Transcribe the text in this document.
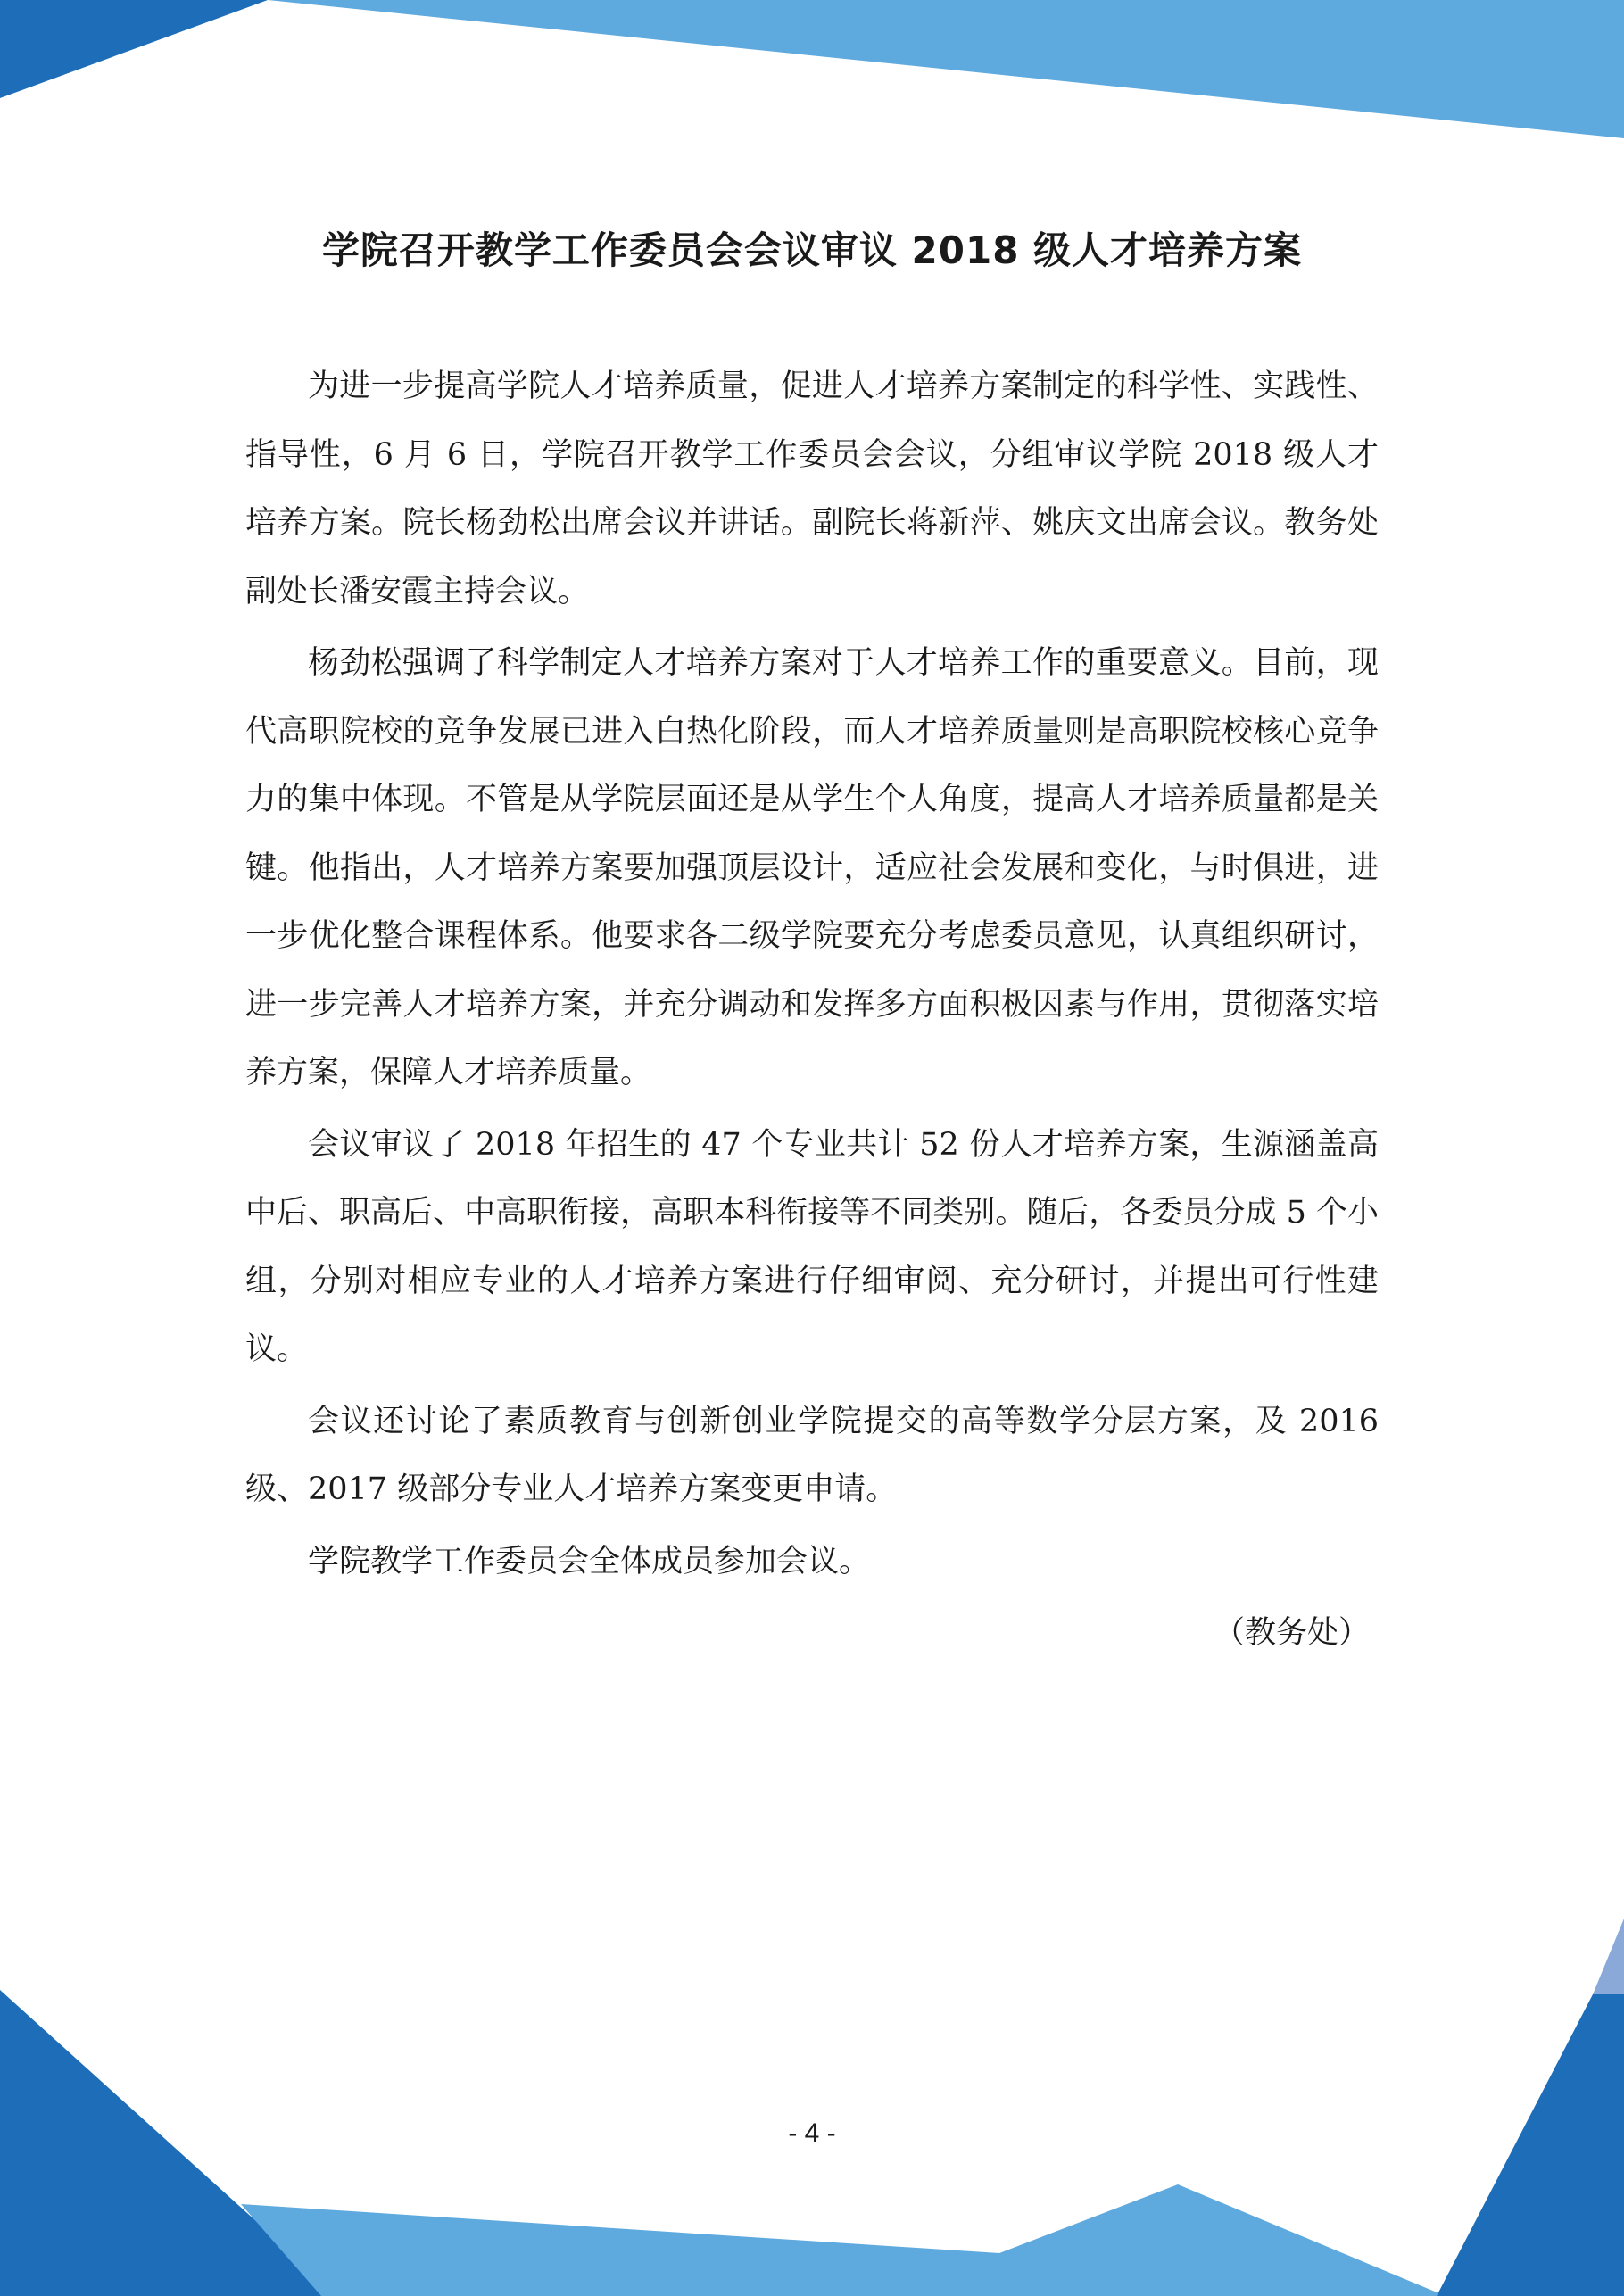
学院召开教学工作委员会会议审议 2018 级人才培养方案

为进一步提高学院人才培养质量，促进人才培养方案制定的科学性、实践性、指导性，6 月 6 日，学院召开教学工作委员会会议，分组审议学院 2018 级人才培养方案。院长杨劲松出席会议并讲话。副院长蒋新萍、姚庆文出席会议。教务处副处长潘安霞主持会议。

杨劲松强调了科学制定人才培养方案对于人才培养工作的重要意义。目前，现代高职院校的竞争发展已进入白热化阶段，而人才培养质量则是高职院校核心竞争力的集中体现。不管是从学院层面还是从学生个人角度，提高人才培养质量都是关键。他指出，人才培养方案要加强顶层设计，适应社会发展和变化，与时俱进，进一步优化整合课程体系。他要求各二级学院要充分考虑委员意见，认真组织研讨，进一步完善人才培养方案，并充分调动和发挥多方面积极因素与作用，贯彻落实培养方案，保障人才培养质量。

会议审议了 2018 年招生的 47 个专业共计 52 份人才培养方案，生源涵盖高中后、职高后、中高职衔接，高职本科衔接等不同类别。随后，各委员分成 5 个小组，分别对相应专业的人才培养方案进行仔细审阅、充分研讨，并提出可行性建议。

会议还讨论了素质教育与创新创业学院提交的高等数学分层方案，及 2016 级、2017 级部分专业人才培养方案变更申请。

学院教学工作委员会全体成员参加会议。

（教务处）

- 4 -
